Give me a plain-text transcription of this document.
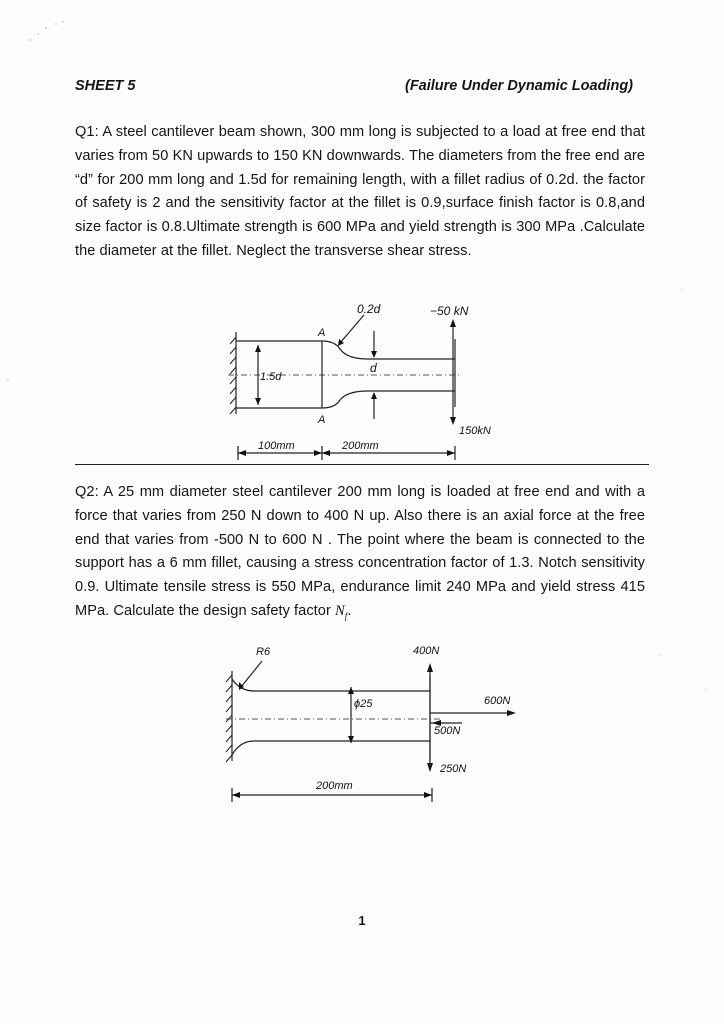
SHEET 5	(Failure Under Dynamic Loading)

Q1: A steel cantilever beam shown, 300 mm long is subjected to a load at free end that varies from 50 KN upwards to 150 KN downwards. The diameters from the free end are “d” for 200 mm long and 1.5d for remaining length, with a fillet radius of 0.2d. the factor of safety is 2 and the sensitivity factor at the fillet is 0.9,surface finish factor is 0.8,and size factor is 0.8.Ultimate strength is 600 MPa and yield strength is 300 MPa .Calculate the diameter at the fillet. Neglect the transverse shear stress.

0.2d	−50 kN
A
A
1.5d
d
150kN
100mm	200mm

Q2: A 25 mm diameter steel cantilever 200 mm long is loaded at free end and with a force that varies from 250 N down to 400 N up. Also there is an axial force at the free end that varies from -500 N to 600 N . The point where the beam is connected to the support has a 6 mm fillet, causing a stress concentration factor of 1.3. Notch sensitivity 0.9. Ultimate tensile stress is 550 MPa, endurance limit 240 MPa and yield stress 415 MPa. Calculate the design safety factor $N_f$.

R6	400N
ϕ25	600N
500N
250N
200mm
1
